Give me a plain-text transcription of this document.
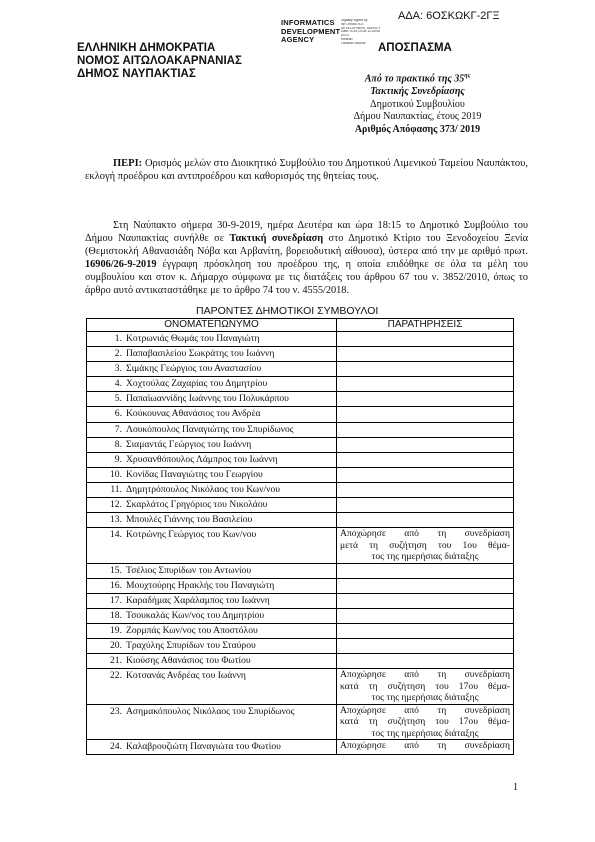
ΑΔΑ: 6ΟΣΚΩΚΓ-2ΓΞ
INFORMATICS
DEVELOPMENT
AGENCY
Digitally signed by
INFORMATICS
DEVELOPMENT AGENCY
Date: 2019.10.08 12:26:06
EEST
Reason:
Location: Athens	ΑΠΟΣΠΑΣΜΑ
ΕΛΛΗΝΙΚΗ ΔΗΜΟΚΡΑΤΙΑ
ΝΟΜΟΣ ΑΙΤΩΛΟΑΚΑΡΝΑΝΙΑΣ
ΔΗΜΟΣ ΝΑΥΠΑΚΤΙΑΣ	Από το πρακτικό της $35^{\eta\varsigma}$
Τακτικής Συνεδρίασης
Δημοτικού Συμβουλίου
Δήμου Ναυπακτίας, έτους 2019
Αριθμός Απόφασης 373/ 2019
ΠΕΡΙ: Ορισμός μελών στο Διοικητικό Συμβούλιο του Δημοτικού Λιμενικού Ταμείου Ναυπάκτου, εκλογή προέδρου και αντιπροέδρου και καθορισμός της θητείας τους.
Στη Ναύπακτο σήμερα 30-9-2019, ημέρα Δευτέρα και ώρα 18:15 το Δημοτικό Συμβούλιο του Δήμου Ναυπακτίας συνήλθε σε Τακτική συνεδρίαση στο Δημοτικό Κτίριο του Ξενοδοχείου Ξενία (Θεμιστοκλή Αθανασιάδη Νόβα και Αρβανίτη, βορειοδυτική αίθουσα), ύστερα από την με αριθμό πρωτ. 16906/26-9-2019 έγγραφη πρόσκληση του προέδρου της, η οποία επιδόθηκε σε όλα τα μέλη του συμβουλίου και στον κ. Δήμαρχο σύμφωνα με τις διατάξεις του άρθρου 67 του ν. 3852/2010, όπως το άρθρο αυτό αντικαταστάθηκε με το άρθρο 74 του ν. 4555/2018.
ΠΑΡΟΝΤΕΣ ΔΗΜΟΤΙΚΟΙ ΣΥΜΒΟΥΛΟΙ
ΟΝΟΜΑΤΕΠΩΝΥΜΟ	ΠΑΡΑΤΗΡΗΣΕΙΣ
1. Κοτρωνιάς Θωμάς του Παναγιώτη	
2. Παπαβασιλείου Σωκράτης του Ιωάννη	
3. Σιμάκης Γεώργιος του Αναστασίου	
4. Χοχτούλας Ζαχαρίας του Δημητρίου	
5. Παπαϊωαννίδης Ιωάννης του Πολυκάρπου	
6. Κούκουνας Αθανάσιος του Ανδρέα	
7. Λουκόπουλος Παναγιώτης του Σπυρίδωνος	
8. Σιαμαντάς Γεώργιος του Ιωάννη	
9. Χρυσανθόπουλος Λάμπρος του Ιωάννη	
10. Κονίδας Παναγιώτης του Γεωργίου	
11. Δημητρόπουλος Νικόλαος του Κων/νου	
12. Σκαρλάτος Γρηγόριος του Νικολάου	
13. Μπουλές Γιάννης του Βασιλείου	
14. Κοτρώνης Γεώργιος του Κων/νου	Αποχώρησε από τη συνεδρίαση
μετά τη συζήτηση του 1ου θέμα-
τος της ημερήσιας διάταξης

15. Τσέλιος Σπυρίδων του Αντωνίου	
16. Μουχτούρης Ηρακλής του Παναγιώτη	
17. Καραδήμας Χαράλαμπος του Ιωάννη	
18. Τσουκαλάς Κων/νος του Δημητρίου	
19. Ζορμπάς Κων/νος του Αποστόλου	
20. Τραχύλης Σπυρίδων του Σταύρου	
21. Κιούσης Αθανάσιος του Φωτίου	
22. Κοτσανάς Ανδρέας του Ιωάννη	Αποχώρησε από τη συνεδρίαση
κατά τη συζήτηση του 17ου θέμα-
τος της ημερήσιας διάταξης

23. Ασημακόπουλος Νικόλαος του Σπυρίδωνος	Αποχώρησε από τη συνεδρίαση
κατά τη συζήτηση του 17ου θέμα-
τος της ημερήσιας διάταξης

24. Καλαβρουζιώτη Παναγιώτα του Φωτίου	Αποχώρησε από τη συνεδρίαση
1
